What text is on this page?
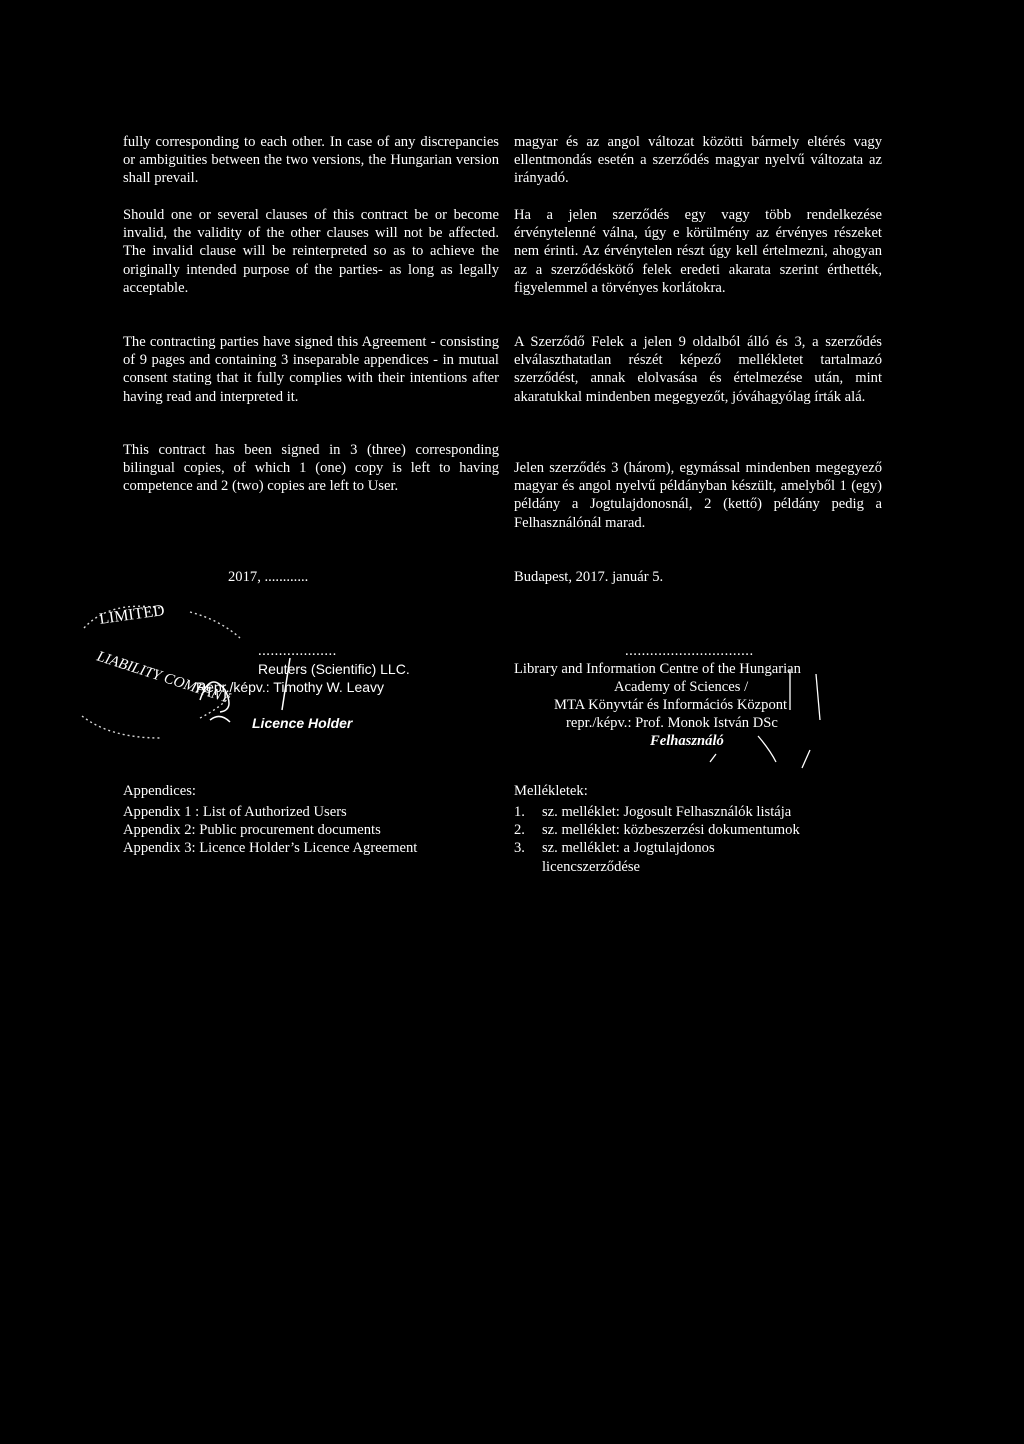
fully corresponding to each other. In case of any discrepancies or ambiguities between the two versions, the Hungarian version shall prevail.
Should one or several clauses of this contract be or become invalid, the validity of the other clauses will not be affected. The invalid clause will be reinterpreted so as to achieve the originally intended purpose of the parties- as long as legally acceptable.
The contracting parties have signed this Agreement - consisting of 9 pages and containing 3 inseparable appendices - in mutual consent stating that it fully complies with their intentions after having read and interpreted it.
This contract has been signed in 3 (three) corresponding bilingual copies, of which 1 (one) copy is left to having competence and 2 (two) copies are left to User.
magyar és az angol változat közötti bármely eltérés vagy ellentmondás esetén a szerződés magyar nyelvű változata az irányadó.
Ha a jelen szerződés egy vagy több rendelkezése érvénytelenné válna, úgy e körülmény az érvényes részeket nem érinti. Az érvénytelen részt úgy kell értelmezni, ahogyan az a szerződéskötő felek eredeti akarata szerint érthették, figyelemmel a törvényes korlátokra.
A Szerződő Felek a jelen 9 oldalból álló és 3, a szerződés elválaszthatatlan részét képező mellékletet tartalmazó szerződést, annak elolvasása és értelmezése után, mint akaratukkal mindenben megegyezőt, jóváhagyólag írták alá.
Jelen szerződés 3 (három), egymással mindenben megegyező magyar és angol nyelvű példányban készült, amelyből 1 (egy) példány a Jogtulajdonosnál, 2 (kettő) példány pedig a Felhasználónál marad.
2017, ............	Budapest, 2017. január 5.
LIMITED
LIABILITY COMPANY ...................
Reuters (Scientific) LLC.
Repr./képv.: Timothy W. Leavy
Licence Holder
...............................
Library and Information Centre of the Hungarian
Academy of Sciences /
MTA Könyvtár és Információs Központ
repr./képv.: Prof. Monok István DSc
Felhasználó
Appendices:
Appendix 1 : List of Authorized Users
Appendix 2: Public procurement documents
Appendix 3: Licence Holder’s Licence Agreement
Mellékletek:
1. sz. melléklet: Jogosult Felhasználók listája
2. sz. melléklet: közbeszerzési dokumentumok
3. sz. melléklet: a Jogtulajdonos
licencszerződése
